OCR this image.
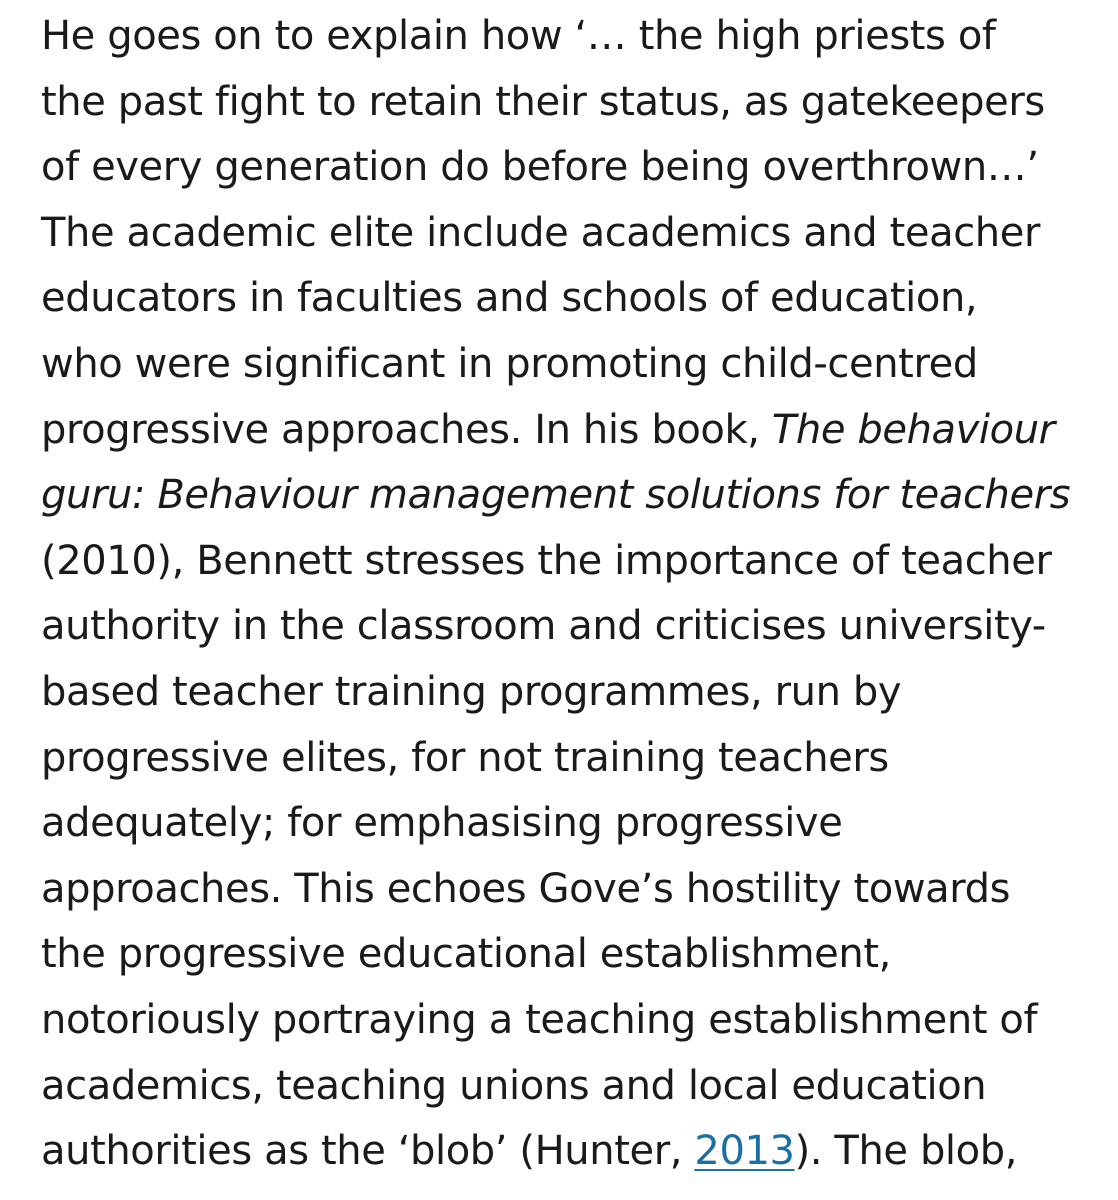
He goes on to explain how ‘… the high priests of
the past fight to retain their status, as gatekeepers
of every generation do before being overthrown…’
The academic elite include academics and teacher
educators in faculties and schools of education,
who were significant in promoting child-centred
progressive approaches. In his book, The behaviour
guru: Behaviour management solutions for teachers
(2010), Bennett stresses the importance of teacher
authority in the classroom and criticises university-
based teacher training programmes, run by
progressive elites, for not training teachers
adequately; for emphasising progressive
approaches. This echoes Gove’s hostility towards
the progressive educational establishment,
notoriously portraying a teaching establishment of
academics, teaching unions and local education
authorities as the ‘blob’ (Hunter, 2013). The blob,
